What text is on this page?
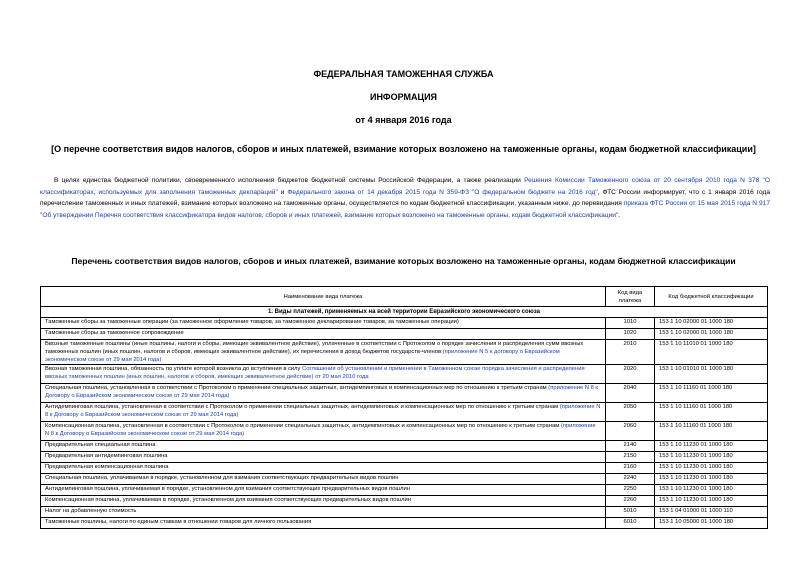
ФЕДЕРАЛЬНАЯ ТАМОЖЕННАЯ СЛУЖБА
ИНФОРМАЦИЯ
от 4 января 2016 года
[О перечне соответствия видов налогов, сборов и иных платежей, взимание которых возложено на таможенные органы, кодам бюджетной классификации]
В целях единства бюджетной политики, своевременного исполнения бюджетов бюджетной системы Российской Федерации, а также реализации Решения Комиссии Таможенного союза от 20 сентября 2010 года N 378 "О классификаторах, используемых для заполнения таможенных деклараций" и Федерального закона от 14 декабря 2015 года N 359-ФЗ "О федеральном бюджете на 2016 год", ФТС России информирует, что с 1 января 2016 года перечисление таможенных и иных платежей, взимание которых возложено на таможенные органы, осуществляется по кодам бюджетной классификации, указанным ниже, до перевидания приказа ФТС России от 15 мая 2015 года N 917 "Об утверждении Перечня соответствия классификатора видов налогов, сборов и иных платежей, взимание которых возложено на таможенные органы, кодам бюджетной классификации".
Перечень соответствия видов налогов, сборов и иных платежей, взимание которых возложено на таможенные органы, кодам бюджетной классификации
Наименование вида платежа	Код вида платежа	Код бюджетной классификации
1. Виды платежей, применяемых на всей территории Евразийского экономического союза		
Таможенные сборы за таможенные операции (за таможенное оформление товаров, за таможенное декларирование товаров, за таможенные операции)	1010	153 1 10 02000 01 1000 180
Таможенные сборы за таможенное сопровождение	1020	153 1 10 02000 01 1000 180
Ввозные таможенные пошлины (иные пошлины, налоги и сборы, имеющие эквивалентное действие), уплаченные в соответствии с Протоколом о порядке зачисления и распределения сумм ввозных таможенных пошлин (иных пошлин, налогов и сборов, имеющих эквивалентное действие), их перечисления в доход бюджетов государств-членов (приложение N 5 к договору о Евразийском экономическом союзе от 29 мая 2014 года)	2010	153 1 10 11010 01 1000 180
Ввозная таможенная пошлина, обязанность по уплате которой возникла до вступления в силу Соглашения об установлении и применении в Таможенном союзе порядка зачисления и распределения ввозных таможенных пошлин (иных пошлин, налогов и сборов, имеющих эквивалентное действие) от 20 мая 2010 года	2020	153 1 10 01010 01 1000 180
Специальная пошлина, установленная в соответствии с Протоколом о применении специальных защитных, антидемпинговых и компенсационных мер по отношению к третьим странам (приложение N 8 к Договору о Евразийском экономическом союзе от 29 мая 2014 года)	2040	153 1 10 11160 01 1000 180
Антидемпинговая пошлина, установленная в соответствии с Протоколом о применении специальных защитных, антидемпинговых и компенсационных мер по отношению к третьим странам (приложение N 8 к Договору о Евразийском экономическом союзе от 29 мая 2014 года)	2050	153 1 10 11160 01 1000 180
Компенсационная пошлина, установленная в соответствии с Протоколом о применении специальных защитных, антидемпинговых и компенсационных мер по отношению к третьим странам (приложение N 8 к Договору о Евразийском экономическом союзе от 29 мая 2014 года)	2060	153 1 10 11160 01 1000 180
Предварительная специальная пошлина	2140	153 1 10 11230 01 1000 180
Предварительная антидемпинговая пошлина	2150	153 1 10 11230 01 1000 180
Предварительная компенсационная пошлина	2160	153 1 10 11230 01 1000 180
Специальная пошлина, уплачиваемая в порядке, установленном для взимания соответствующих предварительных видов пошлин	2240	153 1 10 11230 01 1000 180
Антидемпинговая пошлина, уплачиваемая в порядке, установленном для взимания соответствующих предварительных видов пошлин	2250	153 1 10 11230 01 1000 180
Компенсационная пошлина, уплачиваемая в порядке, установленном для взимания соответствующих предварительных видов пошлин	2260	153 1 10 11230 01 1000 180
Налог на добавленную стоимость	5010	153 1 04 01000 01 1000 110
Таможенные пошлины, налоги по единым ставкам в отношении товаров для личного пользования	6010	153 1 10 05000 01 1000 180
